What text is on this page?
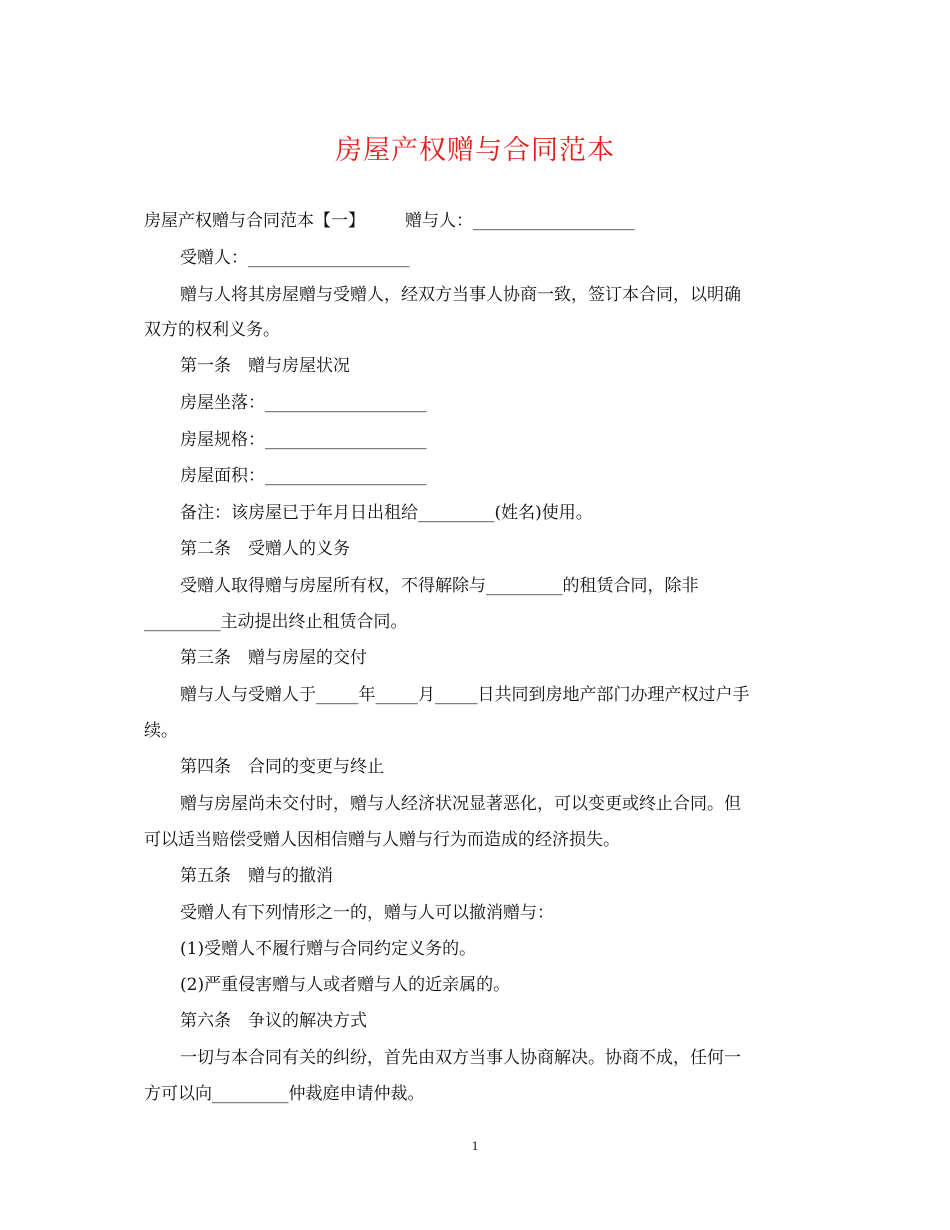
房屋产权赠与合同范本
房屋产权赠与合同范本【一】 赠与人：___________________
受赠人：___________________
赠与人将其房屋赠与受赠人，经双方当事人协商一致，签订本合同，以明确
双方的权利义务。
第一条　赠与房屋状况
房屋坐落：___________________
房屋规格：___________________
房屋面积：___________________
备注：该房屋已于年月日出租给_________(姓名)使用。
第二条　受赠人的义务
受赠人取得赠与房屋所有权，不得解除与_________的租赁合同，除非
_________主动提出终止租赁合同。
第三条　赠与房屋的交付
赠与人与受赠人于_____年_____月_____日共同到房地产部门办理产权过户手
续。
第四条　合同的变更与终止
赠与房屋尚未交付时，赠与人经济状况显著恶化，可以变更或终止合同。但
可以适当赔偿受赠人因相信赠与人赠与行为而造成的经济损失。
第五条　赠与的撤消
受赠人有下列情形之一的，赠与人可以撤消赠与：
(1)受赠人不履行赠与合同约定义务的。
(2)严重侵害赠与人或者赠与人的近亲属的。
第六条　争议的解决方式
一切与本合同有关的纠纷，首先由双方当事人协商解决。协商不成，任何一
方可以向_________仲裁庭申请仲裁。
1
